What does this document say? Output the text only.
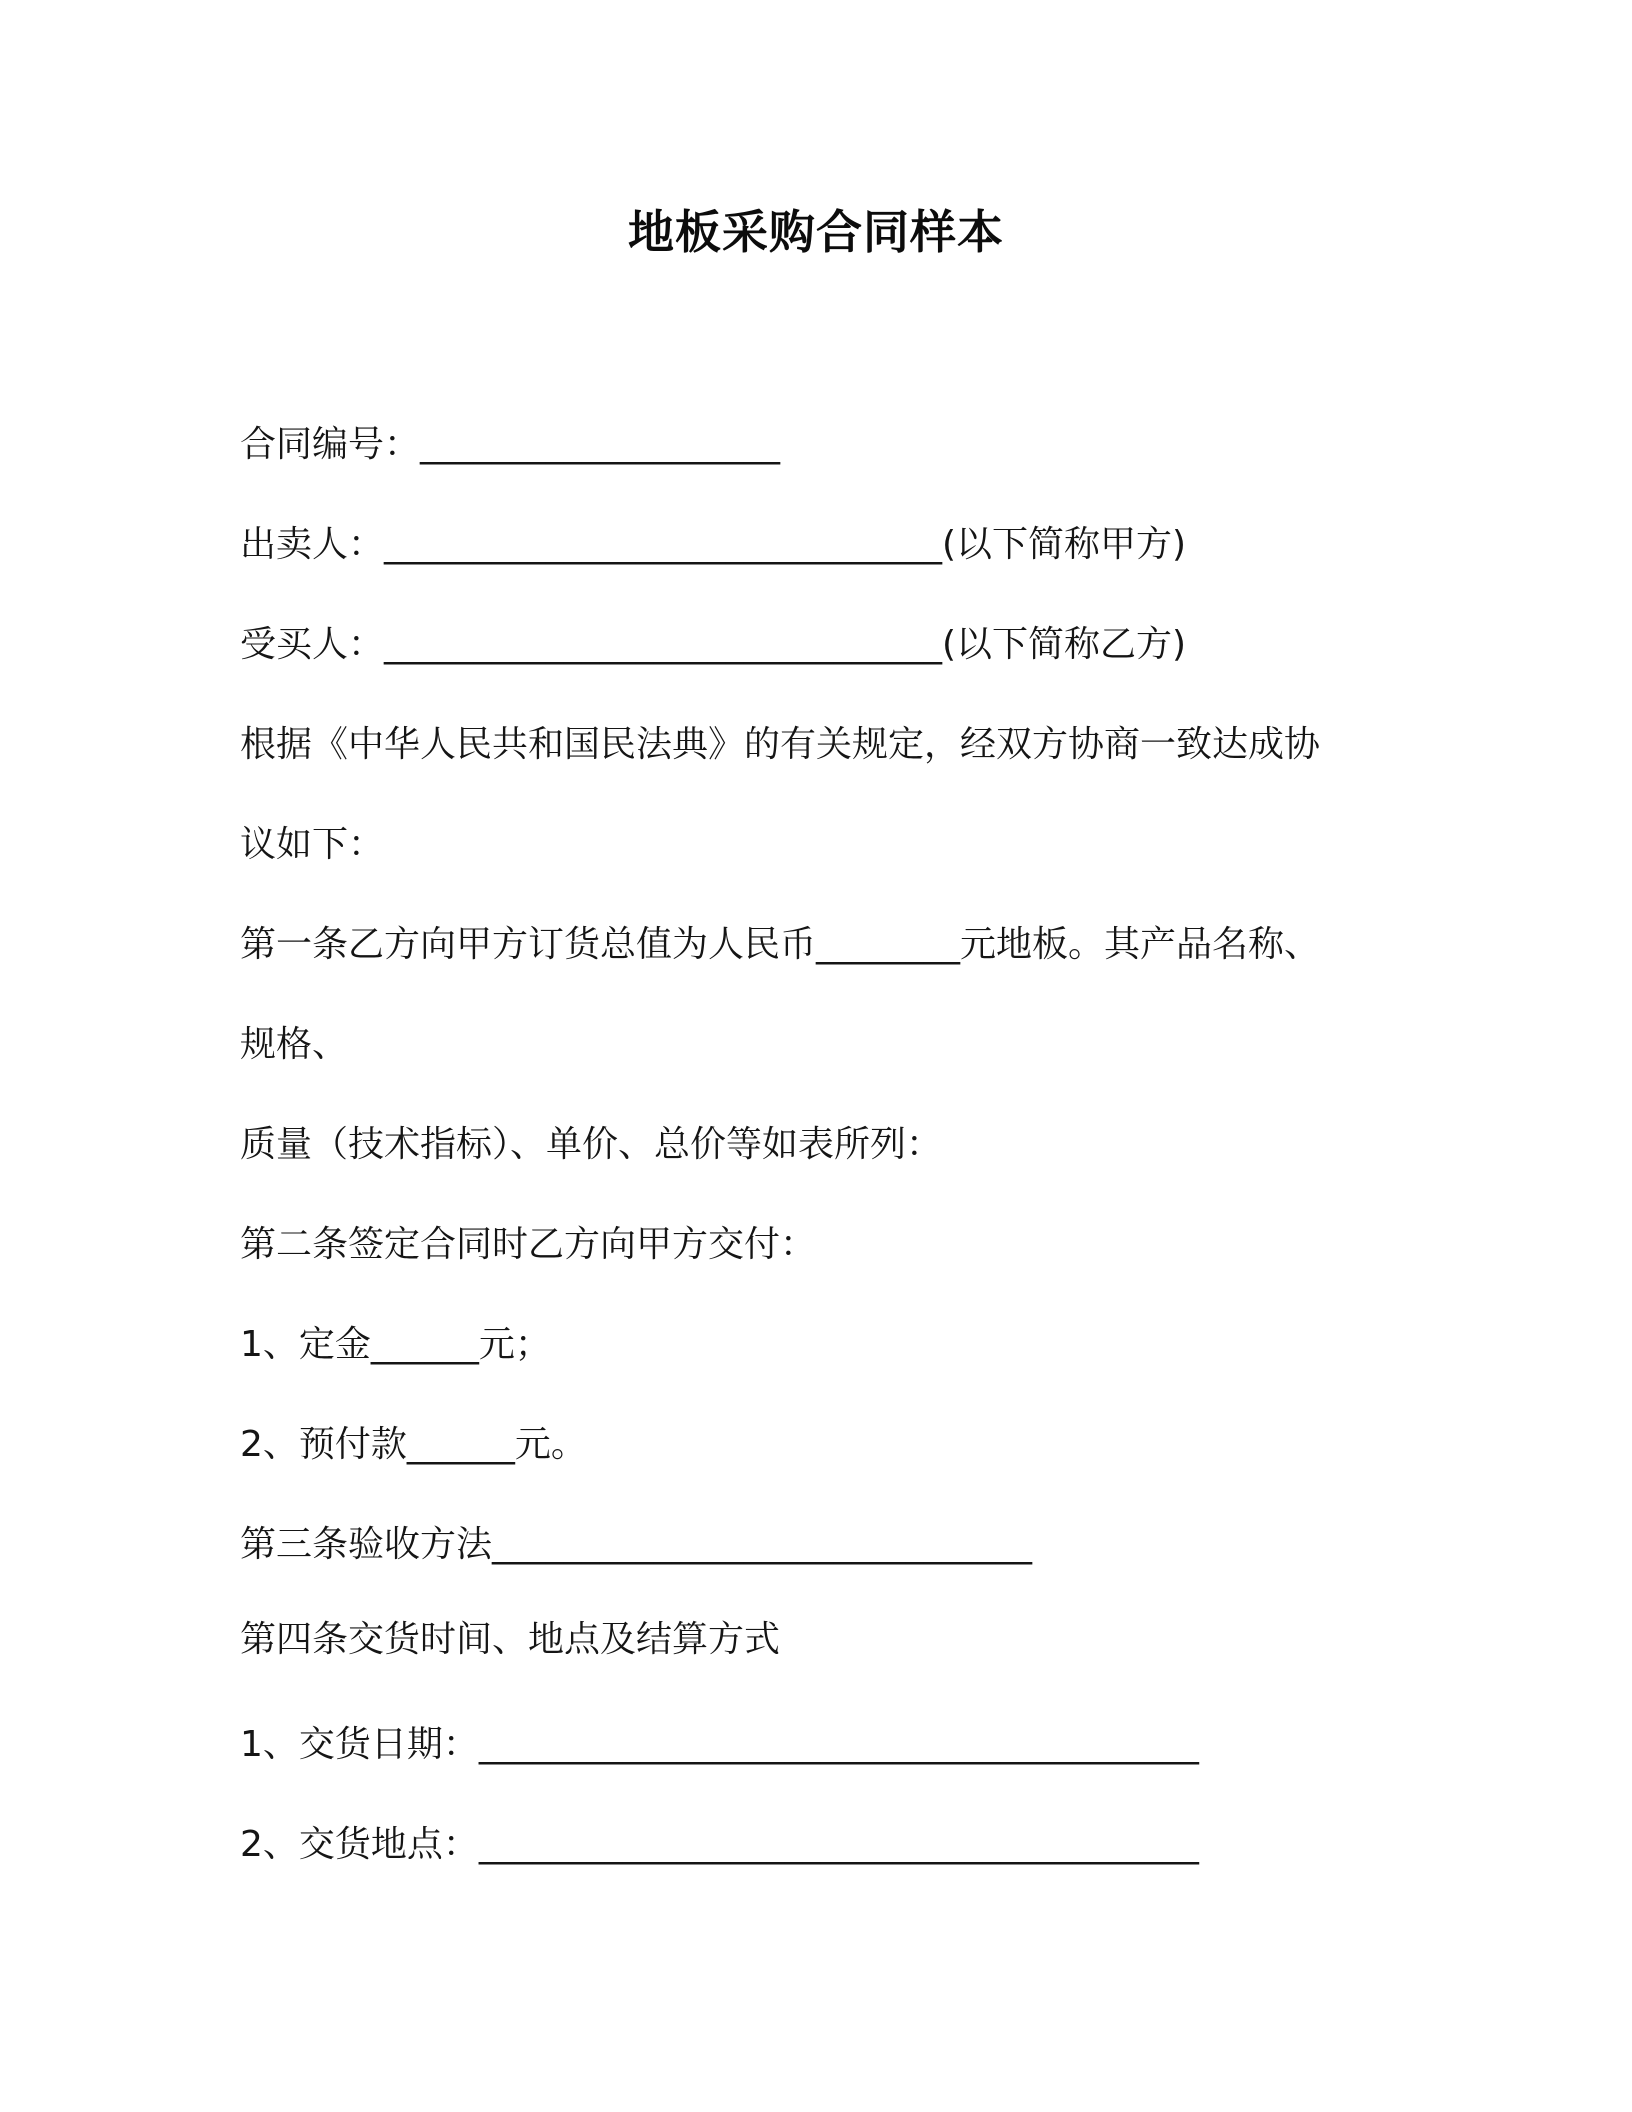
地板采购合同样本
合同编号：____________________
出卖人：_______________________________(以下简称甲方)
受买人：_______________________________(以下简称乙方)
根据《中华人民共和国民法典》的有关规定，经双方协商一致达成协
议如下：
第一条乙方向甲方订货总值为人民币________元地板。其产品名称、
规格、
质量（技术指标）、单价、总价等如表所列：
第二条签定合同时乙方向甲方交付：
1、定金______元；
2、预付款______元。
第三条验收方法______________________________
第四条交货时间、地点及结算方式
1、交货日期：________________________________________
2、交货地点：________________________________________
